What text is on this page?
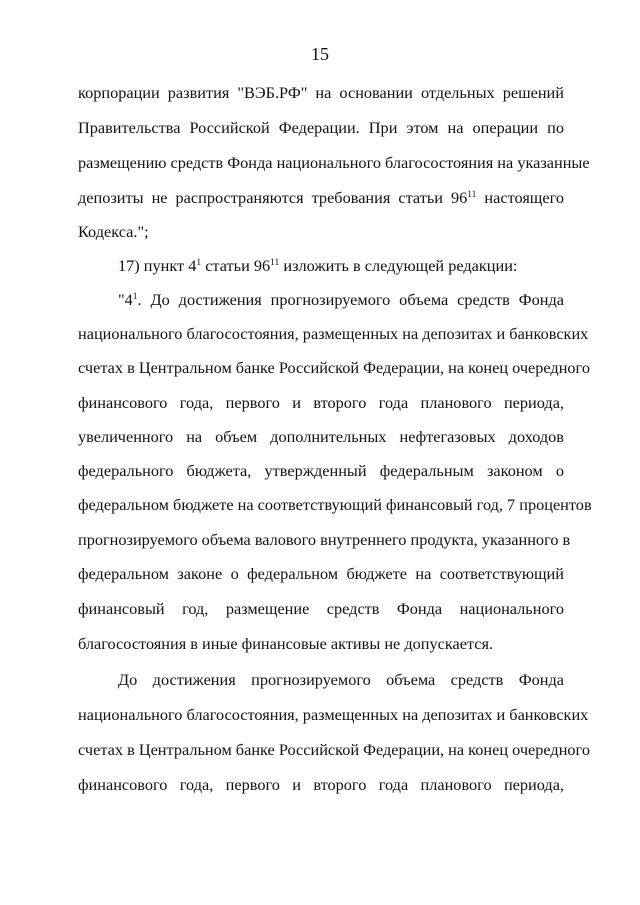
15
корпорации развития "ВЭБ.РФ" на основании отдельных решений
Правительства Российской Федерации. При этом на операции по
размещению средств Фонда национального благосостояния на указанные
депозиты не распространяются требования статьи $96^{11}$ настоящего
Кодекса.";
17) пункт $4^1$ статьи $96^{11}$ изложить в следующей редакции:
"$4^1$. До достижения прогнозируемого объема средств Фонда
национального благосостояния, размещенных на депозитах и банковских
счетах в Центральном банке Российской Федерации, на конец очередного
финансового года, первого и второго года планового периода,
увеличенного на объем дополнительных нефтегазовых доходов
федерального бюджета, утвержденный федеральным законом о
федеральном бюджете на соответствующий финансовый год, 7 процентов
прогнозируемого объема валового внутреннего продукта, указанного в
федеральном законе о федеральном бюджете на соответствующий
финансовый год, размещение средств Фонда национального
благосостояния в иные финансовые активы не допускается.
До достижения прогнозируемого объема средств Фонда
национального благосостояния, размещенных на депозитах и банковских
счетах в Центральном банке Российской Федерации, на конец очередного
финансового года, первого и второго года планового периода,
